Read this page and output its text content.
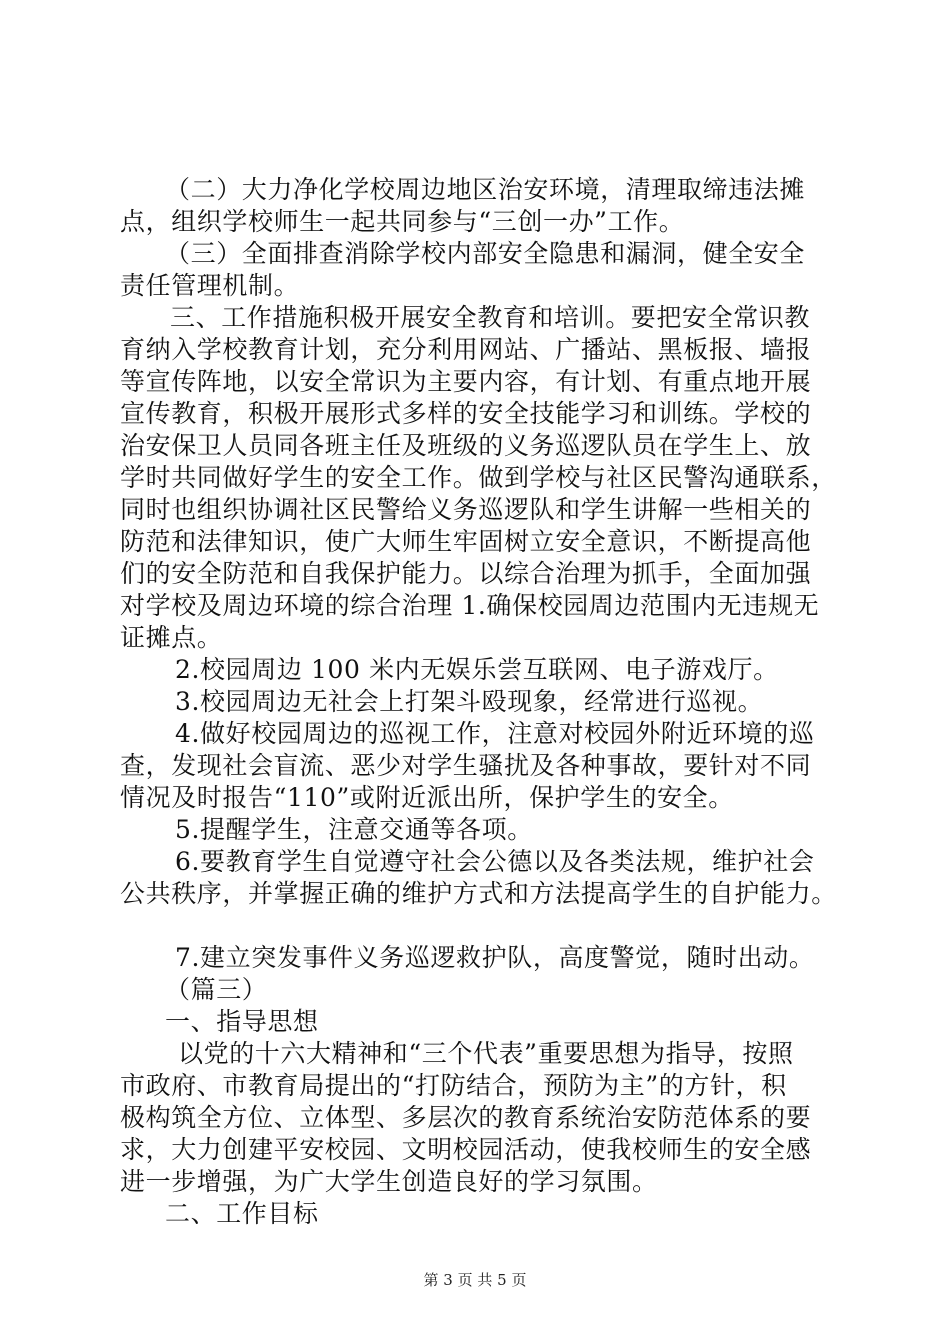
（二）大力净化学校周边地区治安环境，清理取缔违法摊
点，组织学校师生一起共同参与“三创一办”工作。
（三）全面排查消除学校内部安全隐患和漏洞，健全安全
责任管理机制。
三、工作措施积极开展安全教育和培训。要把安全常识教
育纳入学校教育计划，充分利用网站、广播站、黑板报、墙报
等宣传阵地，以安全常识为主要内容，有计划、有重点地开展
宣传教育，积极开展形式多样的安全技能学习和训练。学校的
治安保卫人员同各班主任及班级的义务巡逻队员在学生上、放
学时共同做好学生的安全工作。做到学校与社区民警沟通联系，
同时也组织协调社区民警给义务巡逻队和学生讲解一些相关的
防范和法律知识，使广大师生牢固树立安全意识，不断提高他
们的安全防范和自我保护能力。以综合治理为抓手，全面加强
对学校及周边环境的综合治理 1.确保校园周边范围内无违规无
证摊点。
2.校园周边 100 米内无娱乐尝互联网、电子游戏厅。
3.校园周边无社会上打架斗殴现象，经常进行巡视。
4.做好校园周边的巡视工作，注意对校园外附近环境的巡
查，发现社会盲流、恶少对学生骚扰及各种事故，要针对不同
情况及时报告“110”或附近派出所，保护学生的安全。
5.提醒学生，注意交通等各项。
6.要教育学生自觉遵守社会公德以及各类法规，维护社会
公共秩序，并掌握正确的维护方式和方法提高学生的自护能力。
7.建立突发事件义务巡逻救护队，高度警觉，随时出动。
（篇三）
一、指导思想
以党的十六大精神和“三个代表”重要思想为指导，按照
市政府、市教育局提出的“打防结合，预防为主”的方针，积
极构筑全方位、立体型、多层次的教育系统治安防范体系的要
求，大力创建平安校园、文明校园活动，使我校师生的安全感
进一步增强，为广大学生创造良好的学习氛围。
二、工作目标
第 3 页 共 5 页
